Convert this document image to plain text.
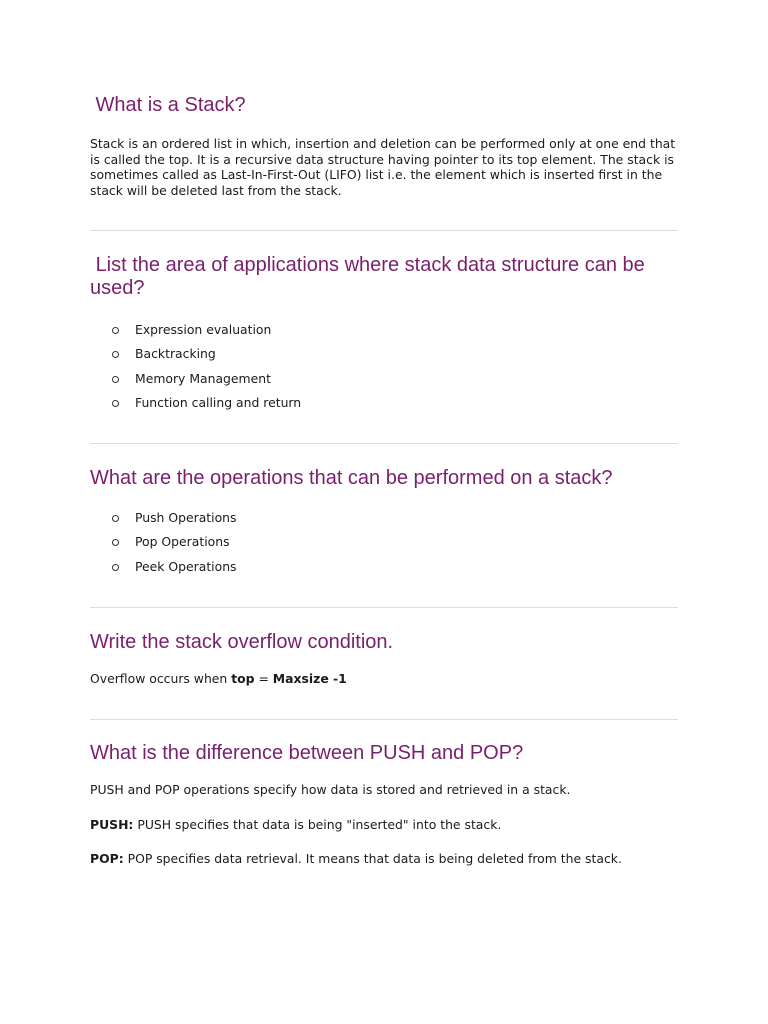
What is a Stack?

Stack is an ordered list in which, insertion and deletion can be performed only at one end that is called the top. It is a recursive data structure having pointer to its top element. The stack is sometimes called as Last-In-First-Out (LIFO) list i.e. the element which is inserted first in the stack will be deleted last from the stack.

List the area of applications where stack data structure can be used?
Expression evaluation
Backtracking
Memory Management
Function calling and return
What are the operations that can be performed on a stack?
Push Operations
Pop Operations
Peek Operations
Write the stack overflow condition.

Overflow occurs when top = Maxsize -1

What is the difference between PUSH and POP?

PUSH and POP operations specify how data is stored and retrieved in a stack.

PUSH: PUSH specifies that data is being "inserted" into the stack.

POP: POP specifies data retrieval. It means that data is being deleted from the stack.
